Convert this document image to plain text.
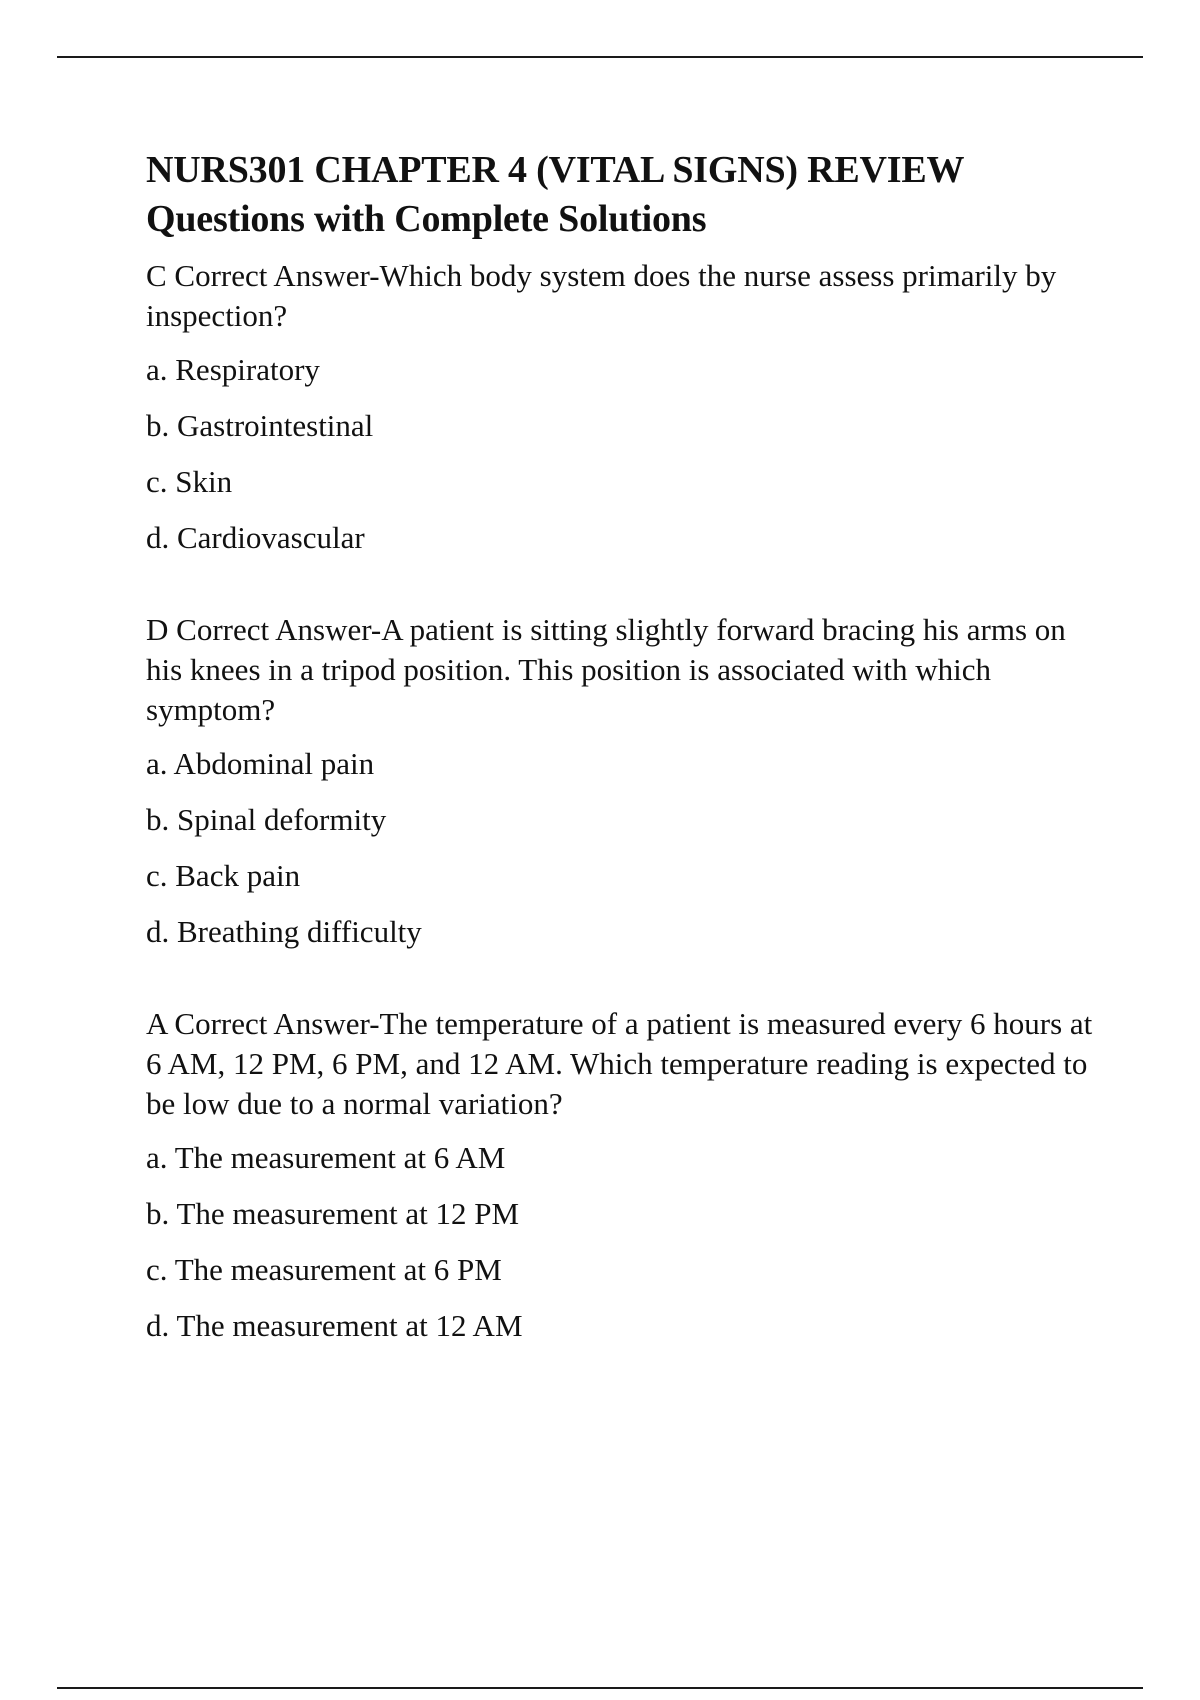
NURS301 CHAPTER 4 (VITAL SIGNS) REVIEW Questions with Complete Solutions

C Correct Answer-Which body system does the nurse assess primarily by inspection?

a. Respiratory

b. Gastrointestinal

c. Skin

d. Cardiovascular

D Correct Answer-A patient is sitting slightly forward bracing his arms on his knees in a tripod position. This position is associated with which symptom?

a. Abdominal pain

b. Spinal deformity

c. Back pain

d. Breathing difficulty

A Correct Answer-The temperature of a patient is measured every 6 hours at 6 AM, 12 PM, 6 PM, and 12 AM. Which temperature reading is expected to be low due to a normal variation?

a. The measurement at 6 AM

b. The measurement at 12 PM

c. The measurement at 6 PM

d. The measurement at 12 AM
